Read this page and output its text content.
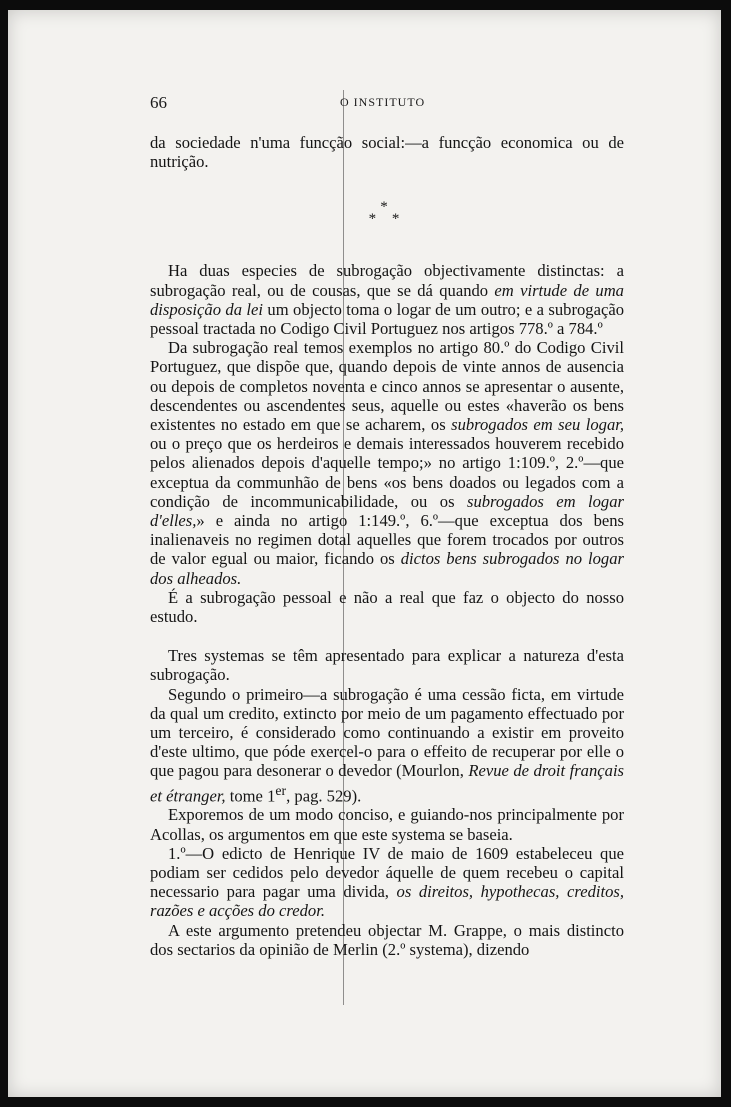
66	O INSTITUTO

da sociedade n'uma funcção social:—a funcção economica ou de nutrição.

*
* *

Ha duas especies de subrogação objectivamente distinctas: a subrogação real, ou de cousas, que se dá quando em virtude de uma disposição da lei um objecto toma o logar de um outro; e a subrogação pessoal tractada no Codigo Civil Portuguez nos artigos 778.º a 784.º

Da subrogação real temos exemplos no artigo 80.º do Codigo Civil Portuguez, que dispõe que, quando depois de vinte annos de ausencia ou depois de completos noventa e cinco annos se apresentar o ausente, descendentes ou ascendentes seus, aquelle ou estes «haverão os bens existentes no estado em que se acharem, os subrogados em seu logar, ou o preço que os herdeiros e demais interessados houverem recebido pelos alienados depois d'aquelle tempo;» no artigo 1:109.º, 2.º—que exceptua da communhão de bens «os bens doados ou legados com a condição de incommunicabilidade, ou os subrogados em logar d'elles,» e ainda no artigo 1:149.º, 6.º—que exceptua dos bens inalienaveis no regimen dotal aquelles que forem trocados por outros de valor egual ou maior, ficando os dictos bens subrogados no logar dos alheados.

É a subrogação pessoal e não a real que faz o objecto do nosso estudo.

Tres systemas se têm apresentado para explicar a natureza d'esta subrogação.

Segundo o primeiro—a subrogação é uma cessão ficta, em virtude da qual um credito, extincto por meio de um pagamento effectuado por um terceiro, é considerado como continuando a existir em proveito d'este ultimo, que póde exercel-o para o effeito de recuperar por elle o que pagou para desonerar o devedor (Mourlon, Revue de droit français et étranger, tome 1er, pag. 529).

Exporemos de um modo conciso, e guiando-nos principalmente por Acollas, os argumentos em que este systema se baseia.

1.º—O edicto de Henrique IV de maio de 1609 estabeleceu que podiam ser cedidos pelo devedor áquelle de quem recebeu o capital necessario para pagar uma divida, os direitos, hypothecas, creditos, razões e acções do credor.

A este argumento pretendeu objectar M. Grappe, o mais distincto dos sectarios da opinião de Merlin (2.º systema), dizendo
